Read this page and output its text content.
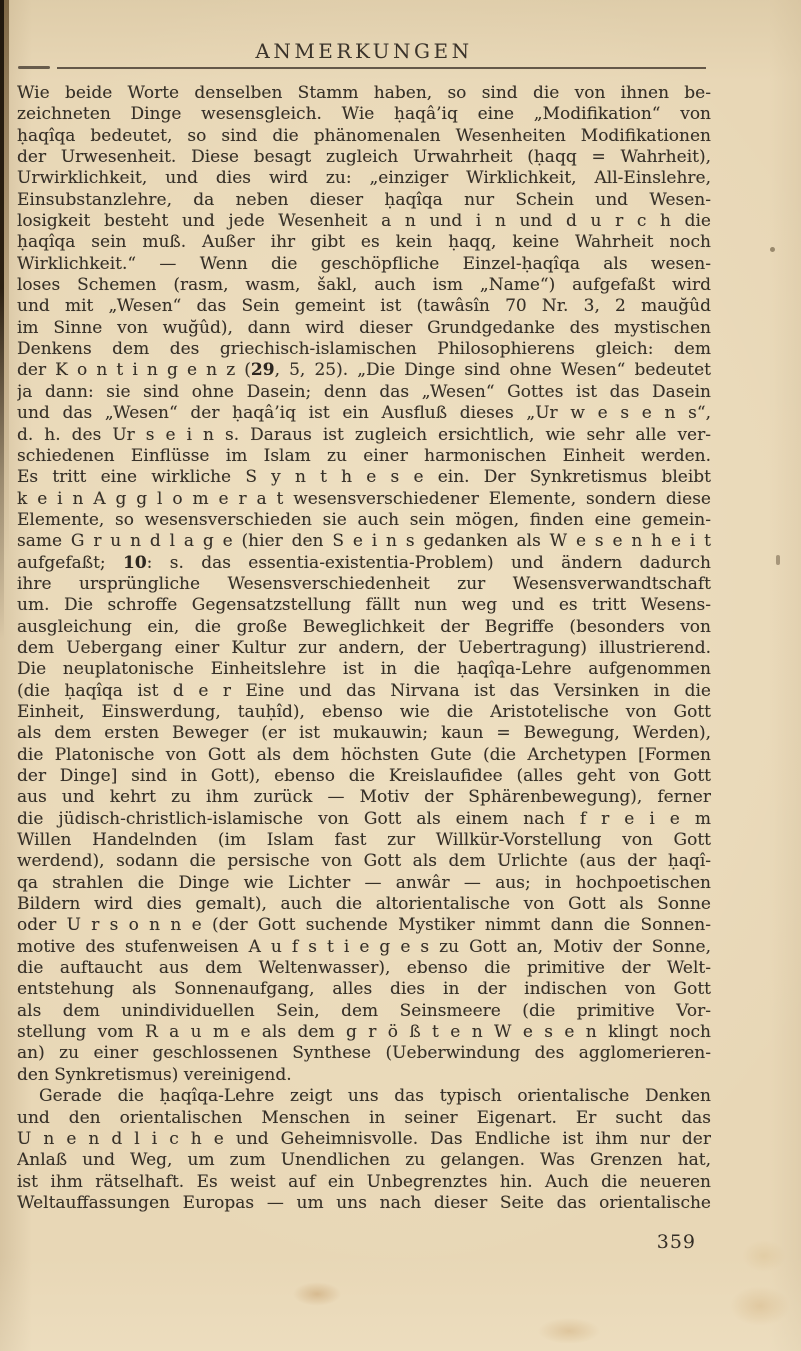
ANMERKUNGEN
Wie beide Worte denselben Stamm haben, so sind die von ihnen be-
zeichneten Dinge wesensgleich. Wie ḥaqâ’iq eine „Modifikation“ von
ḥaqîqa bedeutet, so sind die phänomenalen Wesenheiten Modifikationen
der Urwesenheit. Diese besagt zugleich Urwahrheit (ḥaqq = Wahrheit),
Urwirklichkeit, und dies wird zu: „einziger Wirklichkeit, All-Einslehre,
Einsubstanzlehre, da neben dieser ḥaqîqa nur Schein und Wesen-
losigkeit besteht und jede Wesenheit a n und i n und d u r c h die
ḥaqîqa sein muß. Außer ihr gibt es kein ḥaqq, keine Wahrheit noch
Wirklichkeit.“ — Wenn die geschöpfliche Einzel-ḥaqîqa als wesen-
loses Schemen (rasm, wasm, šakl, auch ism „Name“) aufgefaßt wird
und mit „Wesen“ das Sein gemeint ist (tawâsîn 70 Nr. 3, 2 mauğûd
im Sinne von wuğûd), dann wird dieser Grundgedanke des mystischen
Denkens dem des griechisch-islamischen Philosophierens gleich: dem
der K o n t i n g e n z (29, 5, 25). „Die Dinge sind ohne Wesen“ bedeutet
ja dann: sie sind ohne Dasein; denn das „Wesen“ Gottes ist das Dasein
und das „Wesen“ der ḥaqâ’iq ist ein Ausfluß dieses „Ur w e s e n s“,
d. h. des Ur s e i n s. Daraus ist zugleich ersichtlich, wie sehr alle ver-
schiedenen Einflüsse im Islam zu einer harmonischen Einheit werden.
Es tritt eine wirkliche S y n t h e s e ein. Der Synkretismus bleibt
k e i n A g g l o m e r a t wesensverschiedener Elemente, sondern diese
Elemente, so wesensverschieden sie auch sein mögen, finden eine gemein-
same G r u n d l a g e (hier den S e i n s gedanken als W e s e n h e i t
aufgefaßt; 10: s. das essentia-existentia-Problem) und ändern dadurch
ihre ursprüngliche Wesensverschiedenheit zur Wesensverwandtschaft
um. Die schroffe Gegensatzstellung fällt nun weg und es tritt Wesens-
ausgleichung ein, die große Beweglichkeit der Begriffe (besonders von
dem Uebergang einer Kultur zur andern, der Uebertragung) illustrierend.
Die neuplatonische Einheitslehre ist in die ḥaqîqa-Lehre aufgenommen
(die ḥaqîqa ist d e r Eine und das Nirvana ist das Versinken in die
Einheit, Einswerdung, tauḥîd), ebenso wie die Aristotelische von Gott
als dem ersten Beweger (er ist mukauwin; kaun = Bewegung, Werden),
die Platonische von Gott als dem höchsten Gute (die Archetypen [Formen
der Dinge] sind in Gott), ebenso die Kreislaufidee (alles geht von Gott
aus und kehrt zu ihm zurück — Motiv der Sphärenbewegung), ferner
die jüdisch-christlich-islamische von Gott als einem nach f r e i e m
Willen Handelnden (im Islam fast zur Willkür-Vorstellung von Gott
werdend), sodann die persische von Gott als dem Urlichte (aus der ḥaqî-
qa strahlen die Dinge wie Lichter — anwâr — aus; in hochpoetischen
Bildern wird dies gemalt), auch die altorientalische von Gott als Sonne
oder U r s o n n e (der Gott suchende Mystiker nimmt dann die Sonnen-
motive des stufenweisen A u f s t i e g e s zu Gott an, Motiv der Sonne,
die auftaucht aus dem Weltenwasser), ebenso die primitive der Welt-
entstehung als Sonnenaufgang, alles dies in der indischen von Gott
als dem unindividuellen Sein, dem Seinsmeere (die primitive Vor-
stellung vom R a u m e als dem g r ö ß t e n W e s e n klingt noch
an) zu einer geschlossenen Synthese (Ueberwindung des agglomerieren-
den Synkretismus) vereinigend.
Gerade die ḥaqîqa-Lehre zeigt uns das typisch orientalische Denken
und den orientalischen Menschen in seiner Eigenart. Er sucht das
U n e n d l i c h e und Geheimnisvolle. Das Endliche ist ihm nur der
Anlaß und Weg, um zum Unendlichen zu gelangen. Was Grenzen hat,
ist ihm rätselhaft. Es weist auf ein Unbegrenztes hin. Auch die neueren
Weltauffassungen Europas — um uns nach dieser Seite das orientalische
359
